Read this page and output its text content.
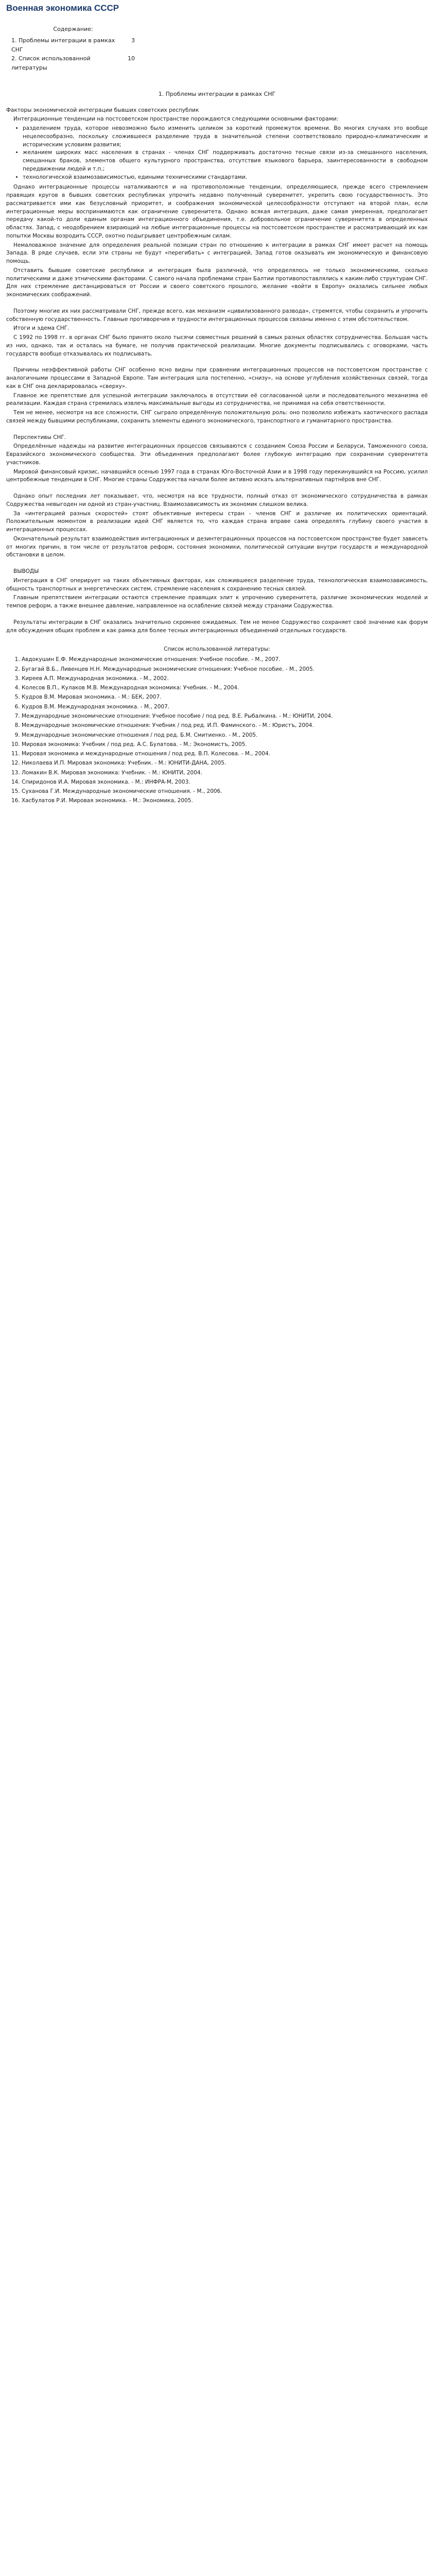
Военная экономика СССР
Содержание:
1. Проблемы интеграции в рамках СНГ
3
2. Список использованной литературы
10
1. Проблемы интеграции в рамках СНГ

Факторы экономической интеграции бывших советских республик

Интеграционные тенденции на постсоветском пространстве порождаются следующими основными факторами:

• разделением труда, которое невозможно было изменить целиком за короткий промежуток времени. Во многих случаях это вообще нецелесообразно, поскольку сложившееся разделение труда в значительной степени соответствовало природно-климатическим и историческим условиям развития;
• желанием широких масс населения в странах - членах СНГ поддерживать достаточно тесные связи из-за смешанного населения, смешанных браков, элементов общего культурного пространства, отсутствия языкового барьера, заинтересованности в свободном передвижении людей и т.п.;
• технологической взаимозависимостью, едиными техническими стандартами.

Однако интеграционные процессы наталкиваются и на противоположные тенденции, определяющиеся, прежде всего стремлением правящих кругов в бывших советских республиках упрочить недавно полученный суверенитет, укрепить свою государственность. Это рассматривается ими как безусловный приоритет, и соображения экономической целесообразности отступают на второй план, если интеграционные меры воспринимаются как ограничение суверенитета. Однако всякая интеграция, даже самая умеренная, предполагает передачу какой-то доли единым органам интеграционного объединения, т.е. добровольное ограничение суверенитета в определенных областях. Запад, с неодобрением взирающий на любые интеграционные процессы на постсоветском пространстве и рассматривающий их как попытки Москвы возродить СССР, охотно подыгрывает центробежным силам.

Немаловажное значение для определения реальной позиции стран по отношению к интеграции в рамках СНГ имеет расчет на помощь Запада. В ряде случаев, если эти страны не будут «перегибать» с интеграцией, Запад готов оказывать им экономическую и финансовую помощь.

Отставить бывшие советские республики и интеграция была различной, что определялось не только экономическими, сколько политическими и даже этническими факторами. С самого начала проблемами стран Балтии противопоставлялись к каким-либо структурам СНГ. Для них стремление дистанцироваться от России и своего советского прошлого, желание «войти в Европу» оказались сильнее любых экономических соображений.

Поэтому многие их них рассматривали СНГ, прежде всего, как механизм «цивилизованного развода», стремятся, чтобы сохранить и упрочить собственную государственность. Главные противоречия и трудности интеграционных процессов связаны именно с этим обстоятельством.

Итоги и эдема СНГ.

С 1992 по 1998 гг. в органах СНГ было принято около тысячи совместных решений в самых разных областях сотрудничества. Большая часть из них, однако, так и осталась на бумаге, не получив практической реализации. Многие документы подписывались с оговорками, часть государств вообще отказывалась их подписывать.

Причины неэффективной работы СНГ особенно ясно видны при сравнении интеграционных процессов на постсоветском пространстве с аналогичными процессами в Западной Европе. Там интеграция шла постепенно, «снизу», на основе углубления хозяйственных связей, тогда как в СНГ она декларировалась «сверху».

Главное же препятствие для успешной интеграции заключалось в отсутствии её согласованной цели и последовательного механизма её реализации. Каждая страна стремилась извлечь максимальные выгоды из сотрудничества, не принимая на себя ответственности.

Тем не менее, несмотря на все сложности, СНГ сыграло определённую положительную роль: оно позволило избежать хаотического распада связей между бывшими республиками, сохранить элементы единого экономического, транспортного и гуманитарного пространства.

Перспективы СНГ.

Определённые надежды на развитие интеграционных процессов связываются с созданием Союза России и Беларуси, Таможенного союза, Евразийского экономического сообщества. Эти объединения предполагают более глубокую интеграцию при сохранении суверенитета участников.

Мировой финансовый кризис, начавшийся осенью 1997 года в странах Юго-Восточной Азии и в 1998 году перекинувшийся на Россию, усилил центробежные тенденции в СНГ. Многие страны Содружества начали более активно искать альтернативных партнёров вне СНГ.

Однако опыт последних лет показывает, что, несмотря на все трудности, полный отказ от экономического сотрудничества в рамках Содружества невыгоден ни одной из стран-участниц. Взаимозависимость их экономик слишком велика.

За «интеграцией разных скоростей» стоят объективные интересы стран - членов СНГ и различие их политических ориентаций. Положительным моментом в реализации идей СНГ является то, что каждая страна вправе сама определять глубину своего участия в интеграционных процессах.

Окончательный результат взаимодействия интеграционных и дезинтеграционных процессов на постсоветском пространстве будет зависеть от многих причин, в том числе от результатов реформ, состояния экономики, политической ситуации внутри государств и международной обстановки в целом.

ВЫВОДЫ

Интеграция в СНГ оперирует на таких объективных факторах, как сложившееся разделение труда, технологическая взаимозависимость, общность транспортных и энергетических систем, стремление населения к сохранению тесных связей.

Главным препятствием интеграции остаются стремление правящих элит к упрочению суверенитета, различие экономических моделей и темпов реформ, а также внешнее давление, направленное на ослабление связей между странами Содружества.

Результаты интеграции в СНГ оказались значительно скромнее ожидаемых. Тем не менее Содружество сохраняет своё значение как форум для обсуждения общих проблем и как рамка для более тесных интеграционных объединений отдельных государств.

Список использованной литературы:
1. Авдокушин Е.Ф. Международные экономические отношения: Учебное пособие. - М., 2007.
2. Бугагай В.Б., Ливенцев Н.Н. Международные экономические отношения: Учебное пособие. - М., 2005.
3. Киреев А.П. Международная экономика. - М., 2002.
4. Колесов В.П., Кулаков М.В. Международная экономика: Учебник. - М., 2004.
5. Кудров В.М. Мировая экономика. - М.: БЕК, 2007.
6. Кудров В.М. Международная экономика. - М., 2007.
7. Международные экономические отношения: Учебное пособие / под ред. В.Е. Рыбалкина. - М.: ЮНИТИ, 2004.
8. Международные экономические отношения: Учебник / под ред. И.П. Фаминского. - М.: Юристъ, 2004.
9. Международные экономические отношения / под ред. Б.М. Смитиенко. - М., 2005.
10. Мировая экономика: Учебник / под ред. А.С. Булатова. - М.: Экономистъ, 2005.
11. Мировая экономика и международные отношения / под ред. В.П. Колесова. - М., 2004.
12. Николаева И.П. Мировая экономика: Учебник. - М.: ЮНИТИ-ДАНА, 2005.
13. Ломакин В.К. Мировая экономика: Учебник. - М.: ЮНИТИ, 2004.
14. Спиридонов И.А. Мировая экономика. - М.: ИНФРА-М, 2003.
15. Суханова Г.И. Международные экономические отношения. - М., 2006.
16. Хасбулатов Р.И. Мировая экономика. - М.: Экономика, 2005.
